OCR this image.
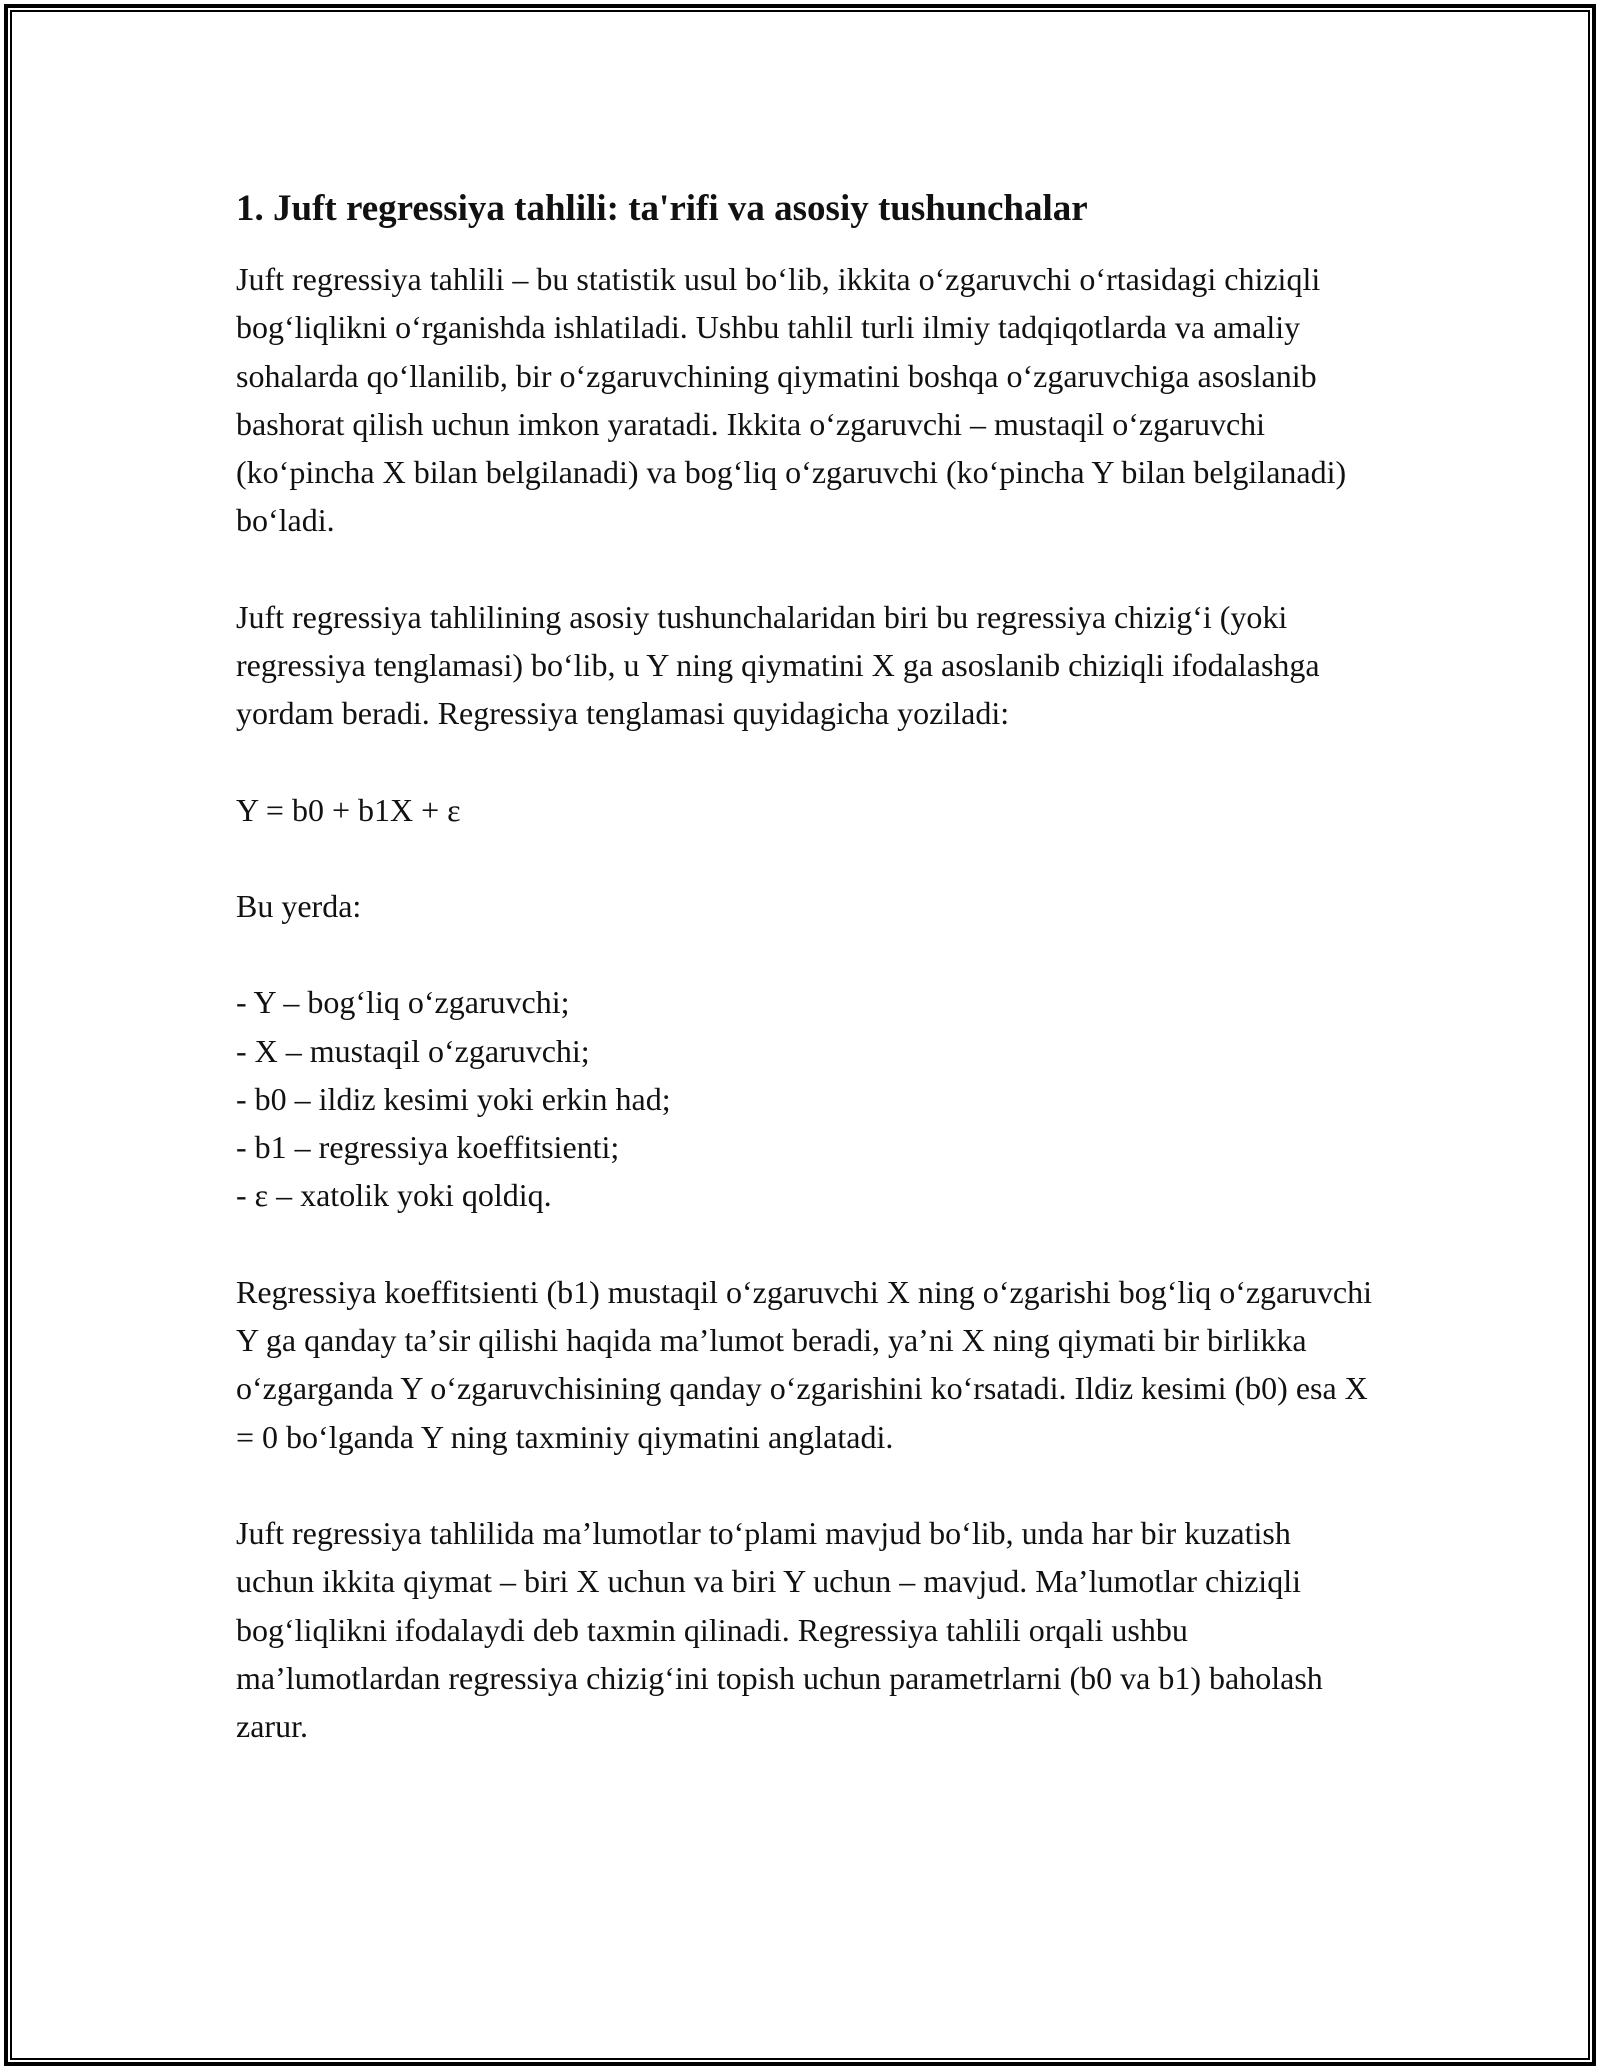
1. Juft regressiya tahlili: ta'rifi va asosiy tushunchalar

Juft regressiya tahlili – bu statistik usul boʻlib, ikkita oʻzgaruvchi oʻrtasidagi chiziqli bogʻliqlikni oʻrganishda ishlatiladi. Ushbu tahlil turli ilmiy tadqiqotlarda va amaliy sohalarda qoʻllanilib, bir oʻzgaruvchining qiymatini boshqa oʻzgaruvchiga asoslanib bashorat qilish uchun imkon yaratadi. Ikkita oʻzgaruvchi – mustaqil oʻzgaruvchi (koʻpincha X bilan belgilanadi) va bogʻliq oʻzgaruvchi (koʻpincha Y bilan belgilanadi) boʻladi.

Juft regressiya tahlilining asosiy tushunchalaridan biri bu regressiya chizigʻi (yoki regressiya tenglamasi) boʻlib, u Y ning qiymatini X ga asoslanib chiziqli ifodalashga yordam beradi. Regressiya tenglamasi quyidagicha yoziladi:

Y = b0 + b1X + ε

Bu yerda:

- Y – bogʻliq oʻzgaruvchi;
- X – mustaqil oʻzgaruvchi;
- b0 – ildiz kesimi yoki erkin had;
- b1 – regressiya koeffitsienti;
- ε – xatolik yoki qoldiq.

Regressiya koeffitsienti (b1) mustaqil oʻzgaruvchi X ning oʻzgarishi bogʻliq oʻzgaruvchi Y ga qanday taʼsir qilishi haqida maʼlumot beradi, yaʼni X ning qiymati bir birlikka oʻzgarganda Y oʻzgaruvchisining qanday oʻzgarishini koʻrsatadi. Ildiz kesimi (b0) esa X = 0 boʻlganda Y ning taxminiy qiymatini anglatadi.

Juft regressiya tahlilida maʼlumotlar toʻplami mavjud boʻlib, unda har bir kuzatish uchun ikkita qiymat – biri X uchun va biri Y uchun – mavjud. Maʼlumotlar chiziqli bogʻliqlikni ifodalaydi deb taxmin qilinadi. Regressiya tahlili orqali ushbu maʼlumotlardan regressiya chizigʻini topish uchun parametrlarni (b0 va b1) baholash zarur.
